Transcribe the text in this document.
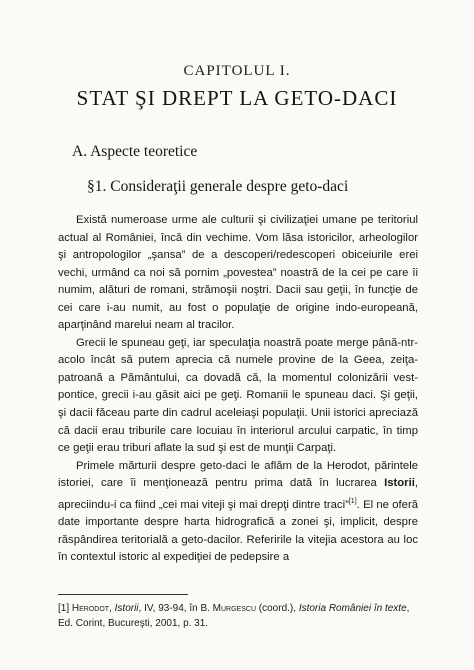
CAPITOLUL I.
STAT ŞI DREPT LA GETO-DACI
A. Aspecte teoretice
§1. Consideraţii generale despre geto-daci

Există numeroase urme ale culturii şi civilizaţiei umane pe teritoriul actual al României, încă din vechime. Vom lăsa istoricilor, arheologilor şi antropologilor „şansa” de a descoperi/redescoperi obiceiurile erei vechi, urmând ca noi să pornim „povestea” noastră de la cei pe care îi numim, alături de romani, strămoşii noştri. Dacii sau geţii, în funcţie de cei care i-au numit, au fost o populaţie de origine indo-europeană, aparţinând marelui neam al tracilor.

Grecii le spuneau geţi, iar speculaţia noastră poate merge până-ntr-acolo încât să putem aprecia că numele provine de la Geea, zeiţa-patroană a Pământului, ca dovadă că, la momentul colonizării vest-pontice, grecii i-au găsit aici pe geţi. Romanii le spuneau daci. Şi geţii, şi dacii făceau parte din cadrul aceleiaşi populaţii. Unii istorici apreciază că dacii erau triburile care locuiau în interiorul arcului carpatic, în timp ce geţii erau triburi aflate la sud şi est de munţii Carpaţi.

Primele mărturii despre geto-daci le aflăm de la Herodot, părintele istoriei, care îi menţionează pentru prima dată în lucrarea Istorii, apreciindu-i ca fiind „cei mai viteji şi mai drepţi dintre traci”[1]. El ne oferă date importante despre harta hidrografică a zonei şi, implicit, despre răspândirea teritorială a geto-dacilor. Referirile la vitejia acestora au loc în contextul istoric al expediţiei de pedepsire a

[1] Herodot, Istorii, IV, 93-94, în B. Murgescu (coord.), Istoria României în texte, Ed. Corint, Bucureşti, 2001, p. 31.
